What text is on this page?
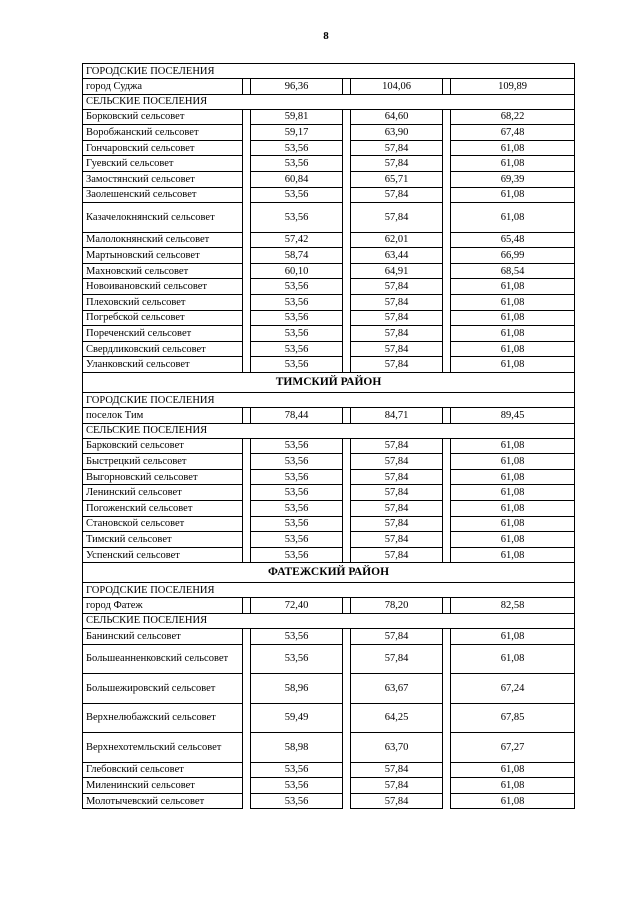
8
ГОРОДСКИЕ ПОСЕЛЕНИЯ						
город Суджа		96,36		104,06		109,89
СЕЛЬСКИЕ ПОСЕЛЕНИЯ						
Борковский сельсовет		59,81		64,60		68,22
Воробжанский сельсовет		59,17		63,90		67,48
Гончаровский сельсовет		53,56		57,84		61,08
Гуевский сельсовет		53,56		57,84		61,08
Замостянский сельсовет		60,84		65,71		69,39
Заолешенский сельсовет		53,56		57,84		61,08
Казачелокнянский сельсовет		53,56		57,84		61,08
Малолокнянский сельсовет		57,42		62,01		65,48
Мартыновский сельсовет		58,74		63,44		66,99
Махновский сельсовет		60,10		64,91		68,54
Новоивановский сельсовет		53,56		57,84		61,08
Плеховский сельсовет		53,56		57,84		61,08
Погребской сельсовет		53,56		57,84		61,08
Пореченский сельсовет		53,56		57,84		61,08
Свердликовский сельсовет		53,56		57,84		61,08
Уланковский сельсовет		53,56		57,84		61,08
ТИМСКИЙ РАЙОН						
ГОРОДСКИЕ ПОСЕЛЕНИЯ						
поселок Тим		78,44		84,71		89,45
СЕЛЬСКИЕ ПОСЕЛЕНИЯ						
Барковский сельсовет		53,56		57,84		61,08
Быстрецкий сельсовет		53,56		57,84		61,08
Выгорновский сельсовет		53,56		57,84		61,08
Ленинский сельсовет		53,56		57,84		61,08
Погоженский сельсовет		53,56		57,84		61,08
Становской сельсовет		53,56		57,84		61,08
Тимский сельсовет		53,56		57,84		61,08
Успенский сельсовет		53,56		57,84		61,08
ФАТЕЖСКИЙ РАЙОН						
ГОРОДСКИЕ ПОСЕЛЕНИЯ						
город Фатеж		72,40		78,20		82,58
СЕЛЬСКИЕ ПОСЕЛЕНИЯ						
Банинский сельсовет		53,56		57,84		61,08
Большеанненковский сельсовет		53,56		57,84		61,08
Большежировский сельсовет		58,96		63,67		67,24
Верхнелюбажский сельсовет		59,49		64,25		67,85
Верхнехотемльский сельсовет		58,98		63,70		67,27
Глебовский сельсовет		53,56		57,84		61,08
Миленинский сельсовет		53,56		57,84		61,08
Молотычевский сельсовет		53,56		57,84		61,08
